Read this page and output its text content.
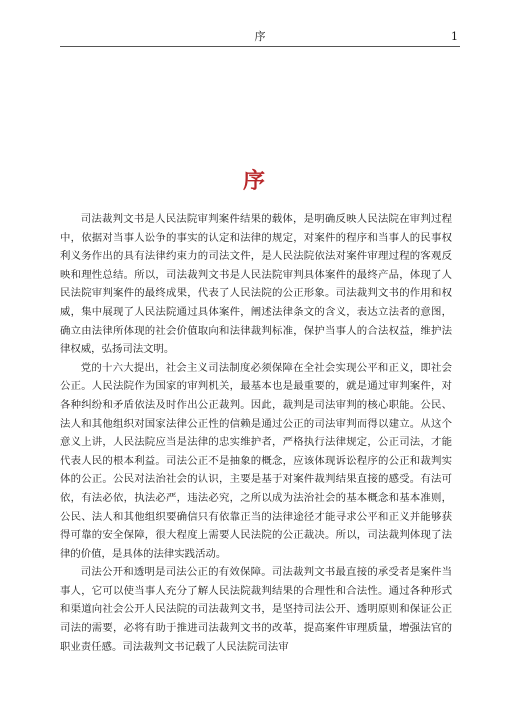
序	1
序

司法裁判文书是人民法院审判案件结果的载体，是明确反映人民法院在审判过程中，依据对当事人讼争的事实的认定和法律的规定，对案件的程序和当事人的民事权利义务作出的具有法律约束力的司法文件，是人民法院依法对案件审理过程的客观反映和理性总结。所以，司法裁判文书是人民法院审判具体案件的最终产品，体现了人民法院审判案件的最终成果，代表了人民法院的公正形象。司法裁判文书的作用和权威，集中展现了人民法院通过具体案件，阐述法律条文的含义，表达立法者的意图，确立由法律所体现的社会价值取向和法律裁判标准，保护当事人的合法权益，维护法律权威，弘扬司法文明。

党的十六大提出，社会主义司法制度必须保障在全社会实现公平和正义，即社会公正。人民法院作为国家的审判机关，最基本也是最重要的，就是通过审判案件，对各种纠纷和矛盾依法及时作出公正裁判。因此，裁判是司法审判的核心职能。公民、法人和其他组织对国家法律公正性的信赖是通过公正的司法审判而得以建立。从这个意义上讲，人民法院应当是法律的忠实维护者，严格执行法律规定，公正司法，才能代表人民的根本利益。司法公正不是抽象的概念，应该体现诉讼程序的公正和裁判实体的公正。公民对法治社会的认识，主要是基于对案件裁判结果直接的感受。有法可依，有法必依，执法必严，违法必究，之所以成为法治社会的基本概念和基本准则，公民、法人和其他组织要确信只有依靠正当的法律途径才能寻求公平和正义并能够获得可靠的安全保障，很大程度上需要人民法院的公正裁决。所以，司法裁判体现了法律的价值，是具体的法律实践活动。

司法公开和透明是司法公正的有效保障。司法裁判文书最直接的承受者是案件当事人，它可以使当事人充分了解人民法院裁判结果的合理性和合法性。通过各种形式和渠道向社会公开人民法院的司法裁判文书，是坚持司法公开、透明原则和保证公正司法的需要，必将有助于推进司法裁判文书的改革，提高案件审理质量，增强法官的职业责任感。司法裁判文书记载了人民法院司法审
